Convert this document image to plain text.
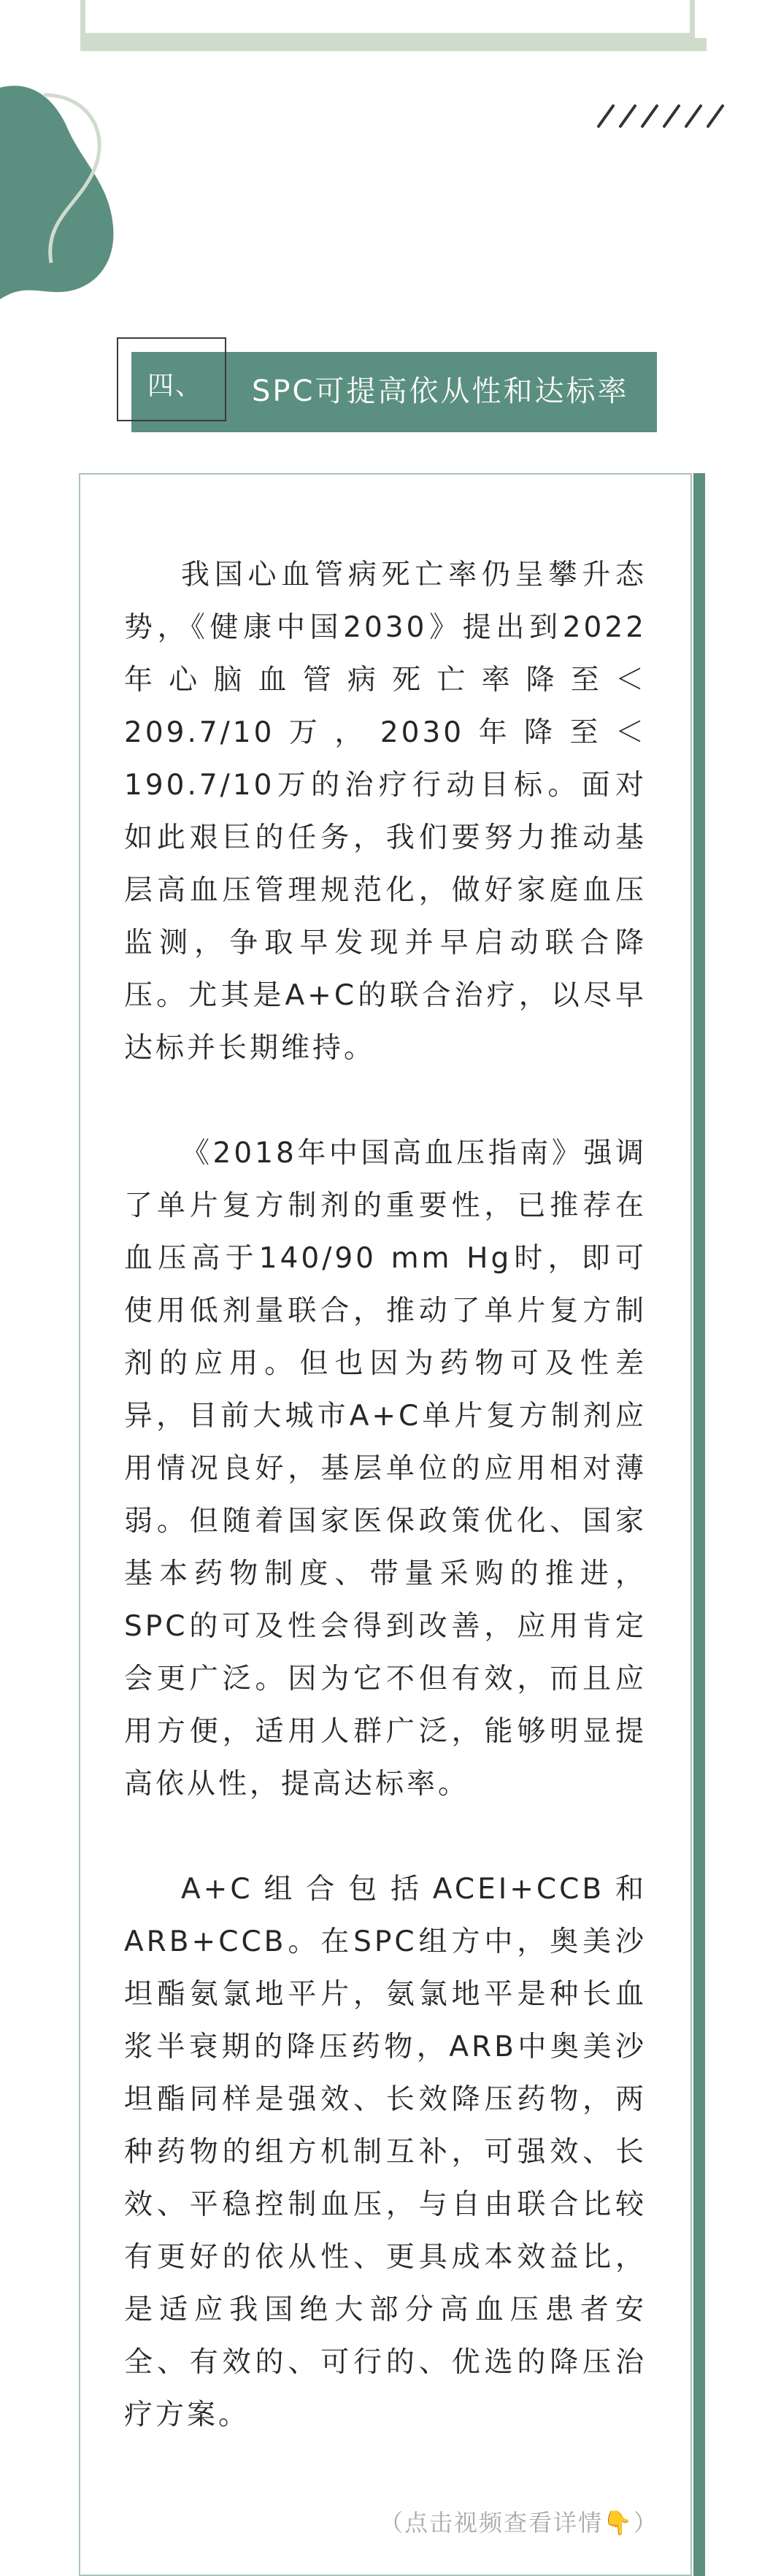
四、 SPC可提高依从性和达标率

我国心血管病死亡率仍呈攀升态势，《健康中国2030》提出到2022年心脑血管病死亡率降至＜209.7/10万，2030年降至＜190.7/10万的治疗行动目标。面对如此艰巨的任务，我们要努力推动基层高血压管理规范化，做好家庭血压监测，争取早发现并早启动联合降压。尤其是A+C的联合治疗，以尽早达标并长期维持。

《2018年中国高血压指南》强调了单片复方制剂的重要性，已推荐在血压高于140/90 mm Hg时，即可使用低剂量联合，推动了单片复方制剂的应用。但也因为药物可及性差异，目前大城市A+C单片复方制剂应用情况良好，基层单位的应用相对薄弱。但随着国家医保政策优化、国家基本药物制度、带量采购的推进，SPC的可及性会得到改善，应用肯定会更广泛。因为它不但有效，而且应用方便，适用人群广泛，能够明显提高依从性，提高达标率。

A+C组合包括ACEI+CCB和ARB+CCB。在SPC组方中，奥美沙坦酯氨氯地平片，氨氯地平是种长血浆半衰期的降压药物，ARB中奥美沙坦酯同样是强效、长效降压药物，两种药物的组方机制互补，可强效、长效、平稳控制血压，与自由联合比较有更好的依从性、更具成本效益比，是适应我国绝大部分高血压患者安全、有效的、可行的、优选的降压治疗方案。

（点击视频查看详情👇）
